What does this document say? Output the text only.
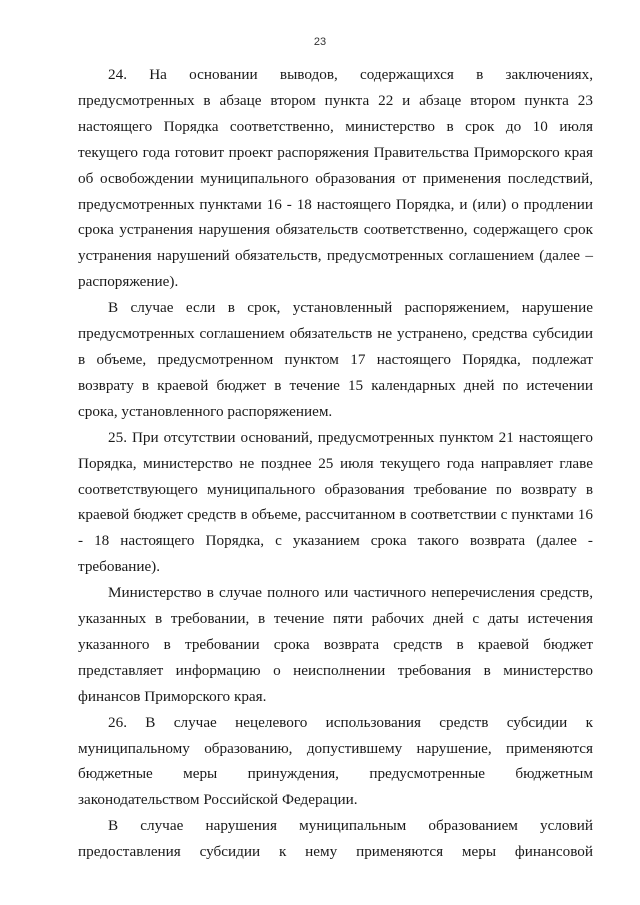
23

24. На основании выводов, содержащихся в заключениях, предусмотренных в абзаце втором пункта 22 и абзаце втором пункта 23 настоящего Порядка соответственно, министерство в срок до 10 июля текущего года готовит проект распоряжения Правительства Приморского края об освобождении муниципального образования от применения последствий, предусмотренных пунктами 16 - 18 настоящего Порядка, и (или) о продлении срока устранения нарушения обязательств соответственно, содержащего срок устранения нарушений обязательств, предусмотренных соглашением (далее – распоряжение).

В случае если в срок, установленный распоряжением, нарушение предусмотренных соглашением обязательств не устранено, средства субсидии в объеме, предусмотренном пунктом 17 настоящего Порядка, подлежат возврату в краевой бюджет в течение 15 календарных дней по истечении срока, установленного распоряжением.

25. При отсутствии оснований, предусмотренных пунктом 21 настоящего Порядка, министерство не позднее 25 июля текущего года направляет главе соответствующего муниципального образования требование по возврату в краевой бюджет средств в объеме, рассчитанном в соответствии с пунктами 16 - 18 настоящего Порядка, с указанием срока такого возврата (далее - требование).

Министерство в случае полного или частичного неперечисления средств, указанных в требовании, в течение пяти рабочих дней с даты истечения указанного в требовании срока возврата средств в краевой бюджет представляет информацию о неисполнении требования в министерство финансов Приморского края.

26. В случае нецелевого использования средств субсидии к муниципальному образованию, допустившему нарушение, применяются бюджетные меры принуждения, предусмотренные бюджетным законодательством Российской Федерации.

В случае нарушения муниципальным образованием условий предоставления субсидии к нему применяются меры финансовой
